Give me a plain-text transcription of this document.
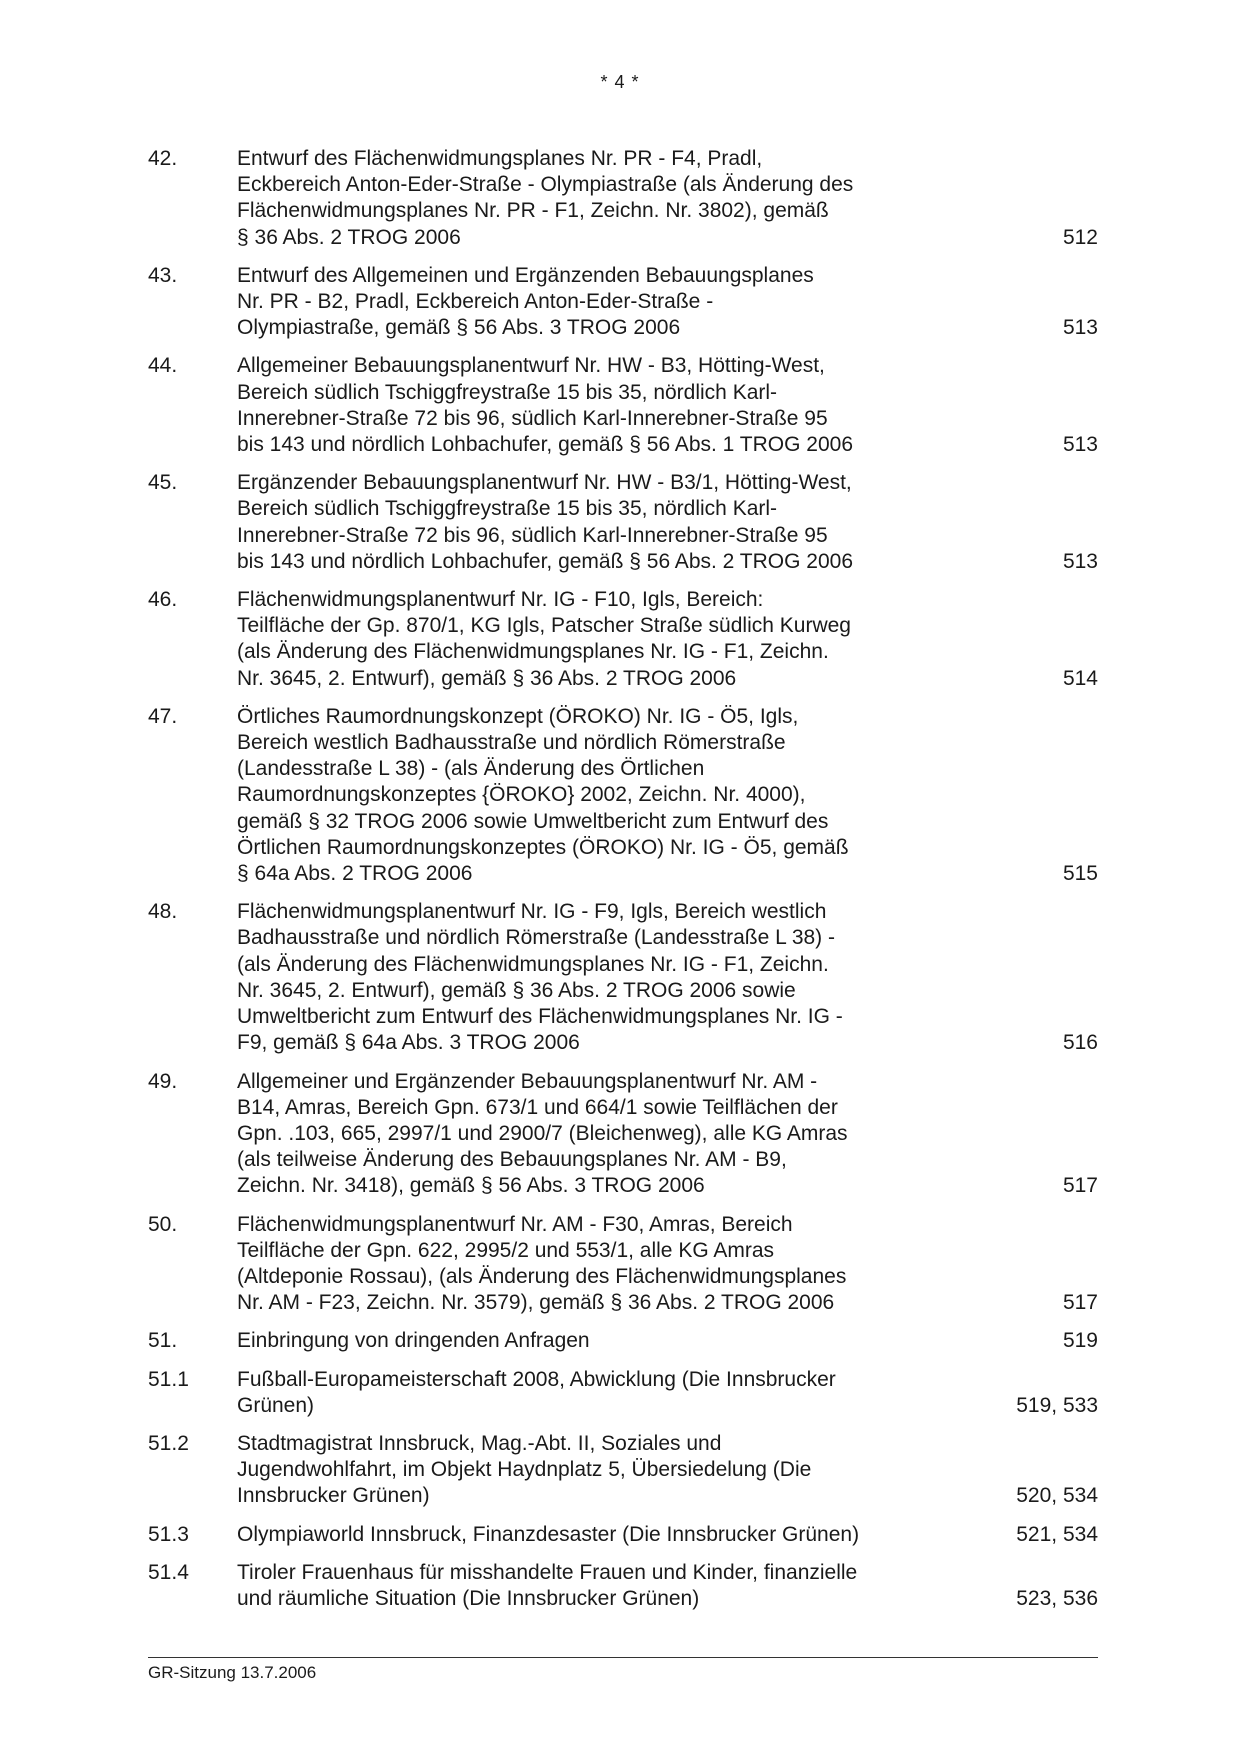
* 4 *
42.	Entwurf des Flächenwidmungsplanes Nr. PR - F4, Pradl,
Eckbereich Anton-Eder-Straße - Olympiastraße (als Änderung des
Flächenwidmungsplanes Nr. PR - F1, Zeichn. Nr. 3802), gemäß
§ 36 Abs. 2 TROG 2006	512
43.	Entwurf des Allgemeinen und Ergänzenden Bebauungsplanes
Nr. PR - B2, Pradl, Eckbereich Anton-Eder-Straße -
Olympiastraße, gemäß § 56 Abs. 3 TROG 2006	513
44.	Allgemeiner Bebauungsplanentwurf Nr. HW - B3, Hötting-West,
Bereich südlich Tschiggfreystraße 15 bis 35, nördlich Karl-
Innerebner-Straße 72 bis 96, südlich Karl-Innerebner-Straße 95
bis 143 und nördlich Lohbachufer, gemäß § 56 Abs. 1 TROG 2006	513
45.	Ergänzender Bebauungsplanentwurf Nr. HW - B3/1, Hötting-West,
Bereich südlich Tschiggfreystraße 15 bis 35, nördlich Karl-
Innerebner-Straße 72 bis 96, südlich Karl-Innerebner-Straße 95
bis 143 und nördlich Lohbachufer, gemäß § 56 Abs. 2 TROG 2006	513
46.	Flächenwidmungsplanentwurf Nr. IG - F10, Igls, Bereich:
Teilfläche der Gp. 870/1, KG Igls, Patscher Straße südlich Kurweg
(als Änderung des Flächenwidmungsplanes Nr. IG - F1, Zeichn.
Nr. 3645, 2. Entwurf), gemäß § 36 Abs. 2 TROG 2006	514
47.	Örtliches Raumordnungskonzept (ÖROKO) Nr. IG - Ö5, Igls,
Bereich westlich Badhausstraße und nördlich Römerstraße
(Landesstraße L 38) - (als Änderung des Örtlichen
Raumordnungskonzeptes {ÖROKO} 2002, Zeichn. Nr. 4000),
gemäß § 32 TROG 2006 sowie Umweltbericht zum Entwurf des
Örtlichen Raumordnungskonzeptes (ÖROKO) Nr. IG - Ö5, gemäß
§ 64a Abs. 2 TROG 2006	515
48.	Flächenwidmungsplanentwurf Nr. IG - F9, Igls, Bereich westlich
Badhausstraße und nördlich Römerstraße (Landesstraße L 38) -
(als Änderung des Flächenwidmungsplanes Nr. IG - F1, Zeichn.
Nr. 3645, 2. Entwurf), gemäß § 36 Abs. 2 TROG 2006 sowie
Umweltbericht zum Entwurf des Flächenwidmungsplanes Nr. IG -
F9, gemäß § 64a Abs. 3 TROG 2006	516
49.	Allgemeiner und Ergänzender Bebauungsplanentwurf Nr. AM -
B14, Amras, Bereich Gpn. 673/1 und 664/1 sowie Teilflächen der
Gpn. .103, 665, 2997/1 und 2900/7 (Bleichenweg), alle KG Amras
(als teilweise Änderung des Bebauungsplanes Nr. AM - B9,
Zeichn. Nr. 3418), gemäß § 56 Abs. 3 TROG 2006	517
50.	Flächenwidmungsplanentwurf Nr. AM - F30, Amras, Bereich
Teilfläche der Gpn. 622, 2995/2 und 553/1, alle KG Amras
(Altdeponie Rossau), (als Änderung des Flächenwidmungsplanes
Nr. AM - F23, Zeichn. Nr. 3579), gemäß § 36 Abs. 2 TROG 2006	517
51.	Einbringung von dringenden Anfragen	519
51.1	Fußball-Europameisterschaft 2008, Abwicklung (Die Innsbrucker
Grünen)	519, 533
51.2	Stadtmagistrat Innsbruck, Mag.-Abt. II, Soziales und
Jugendwohlfahrt, im Objekt Haydnplatz 5, Übersiedelung (Die
Innsbrucker Grünen)	520, 534
51.3	Olympiaworld Innsbruck, Finanzdesaster (Die Innsbrucker Grünen)	521, 534
51.4	Tiroler Frauenhaus für misshandelte Frauen und Kinder, finanzielle
und räumliche Situation (Die Innsbrucker Grünen)	523, 536
GR-Sitzung 13.7.2006
